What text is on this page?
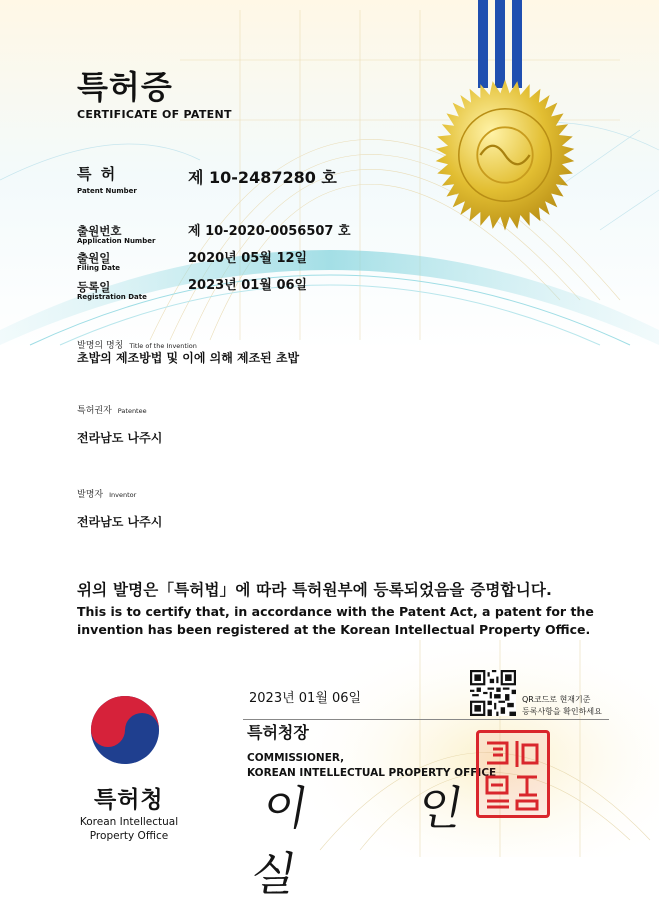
특허증
CERTIFICATE OF PATENT
특 허
Patent Number
제 10-2487280 호
출원번호
Application Number
제 10-2020-0056507 호
출원일
Filing Date
2020년 05월 12일
등록일
Registration Date
2023년 01월 06일
발명의 명칭 Title of the Invention
초밥의 제조방법 및 이에 의해 제조된 초밥
특허권자 Patentee
전라남도 나주시
발명자 Inventor
전라남도 나주시
위의 발명은「특허법」에 따라 특허원부에 등록되었음을 증명합니다.
This is to certify that, in accordance with the Patent Act, a patent for the invention has been registered at the Korean Intellectual Property Office.
2023년 01월 06일	QR코드로 현재기준
등록사항을 확인하세요
특허청장
COMMISSIONER,
KOREAN INTELLECTUAL PROPERTY OFFICE
이 인 실
특허청
Korean Intellectual
Property Office
